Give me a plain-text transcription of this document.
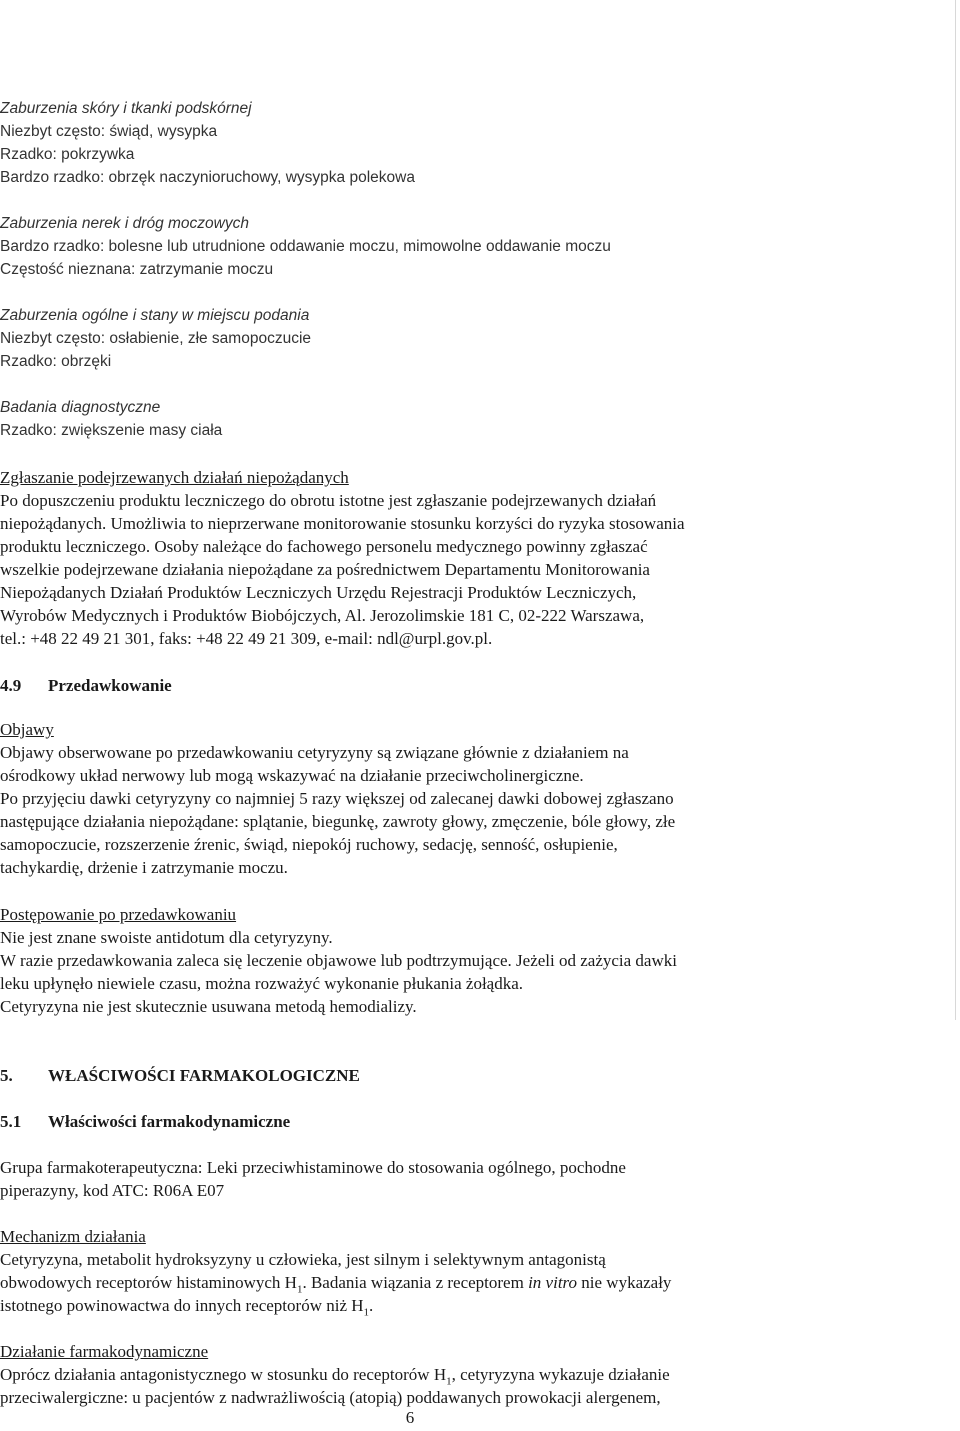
Zaburzenia skóry i tkanki podskórnej
Niezbyt często: świąd, wysypka
Rzadko: pokrzywka
Bardzo rzadko: obrzęk naczynioruchowy, wysypka polekowa
Zaburzenia nerek i dróg moczowych
Bardzo rzadko: bolesne lub utrudnione oddawanie moczu, mimowolne oddawanie moczu
Częstość nieznana: zatrzymanie moczu
Zaburzenia ogólne i stany w miejscu podania
Niezbyt często: osłabienie, złe samopoczucie
Rzadko: obrzęki
Badania diagnostyczne
Rzadko: zwiększenie masy ciała
Zgłaszanie podejrzewanych działań niepożądanych
Po dopuszczeniu produktu leczniczego do obrotu istotne jest zgłaszanie podejrzewanych działań
niepożądanych. Umożliwia to nieprzerwane monitorowanie stosunku korzyści do ryzyka stosowania
produktu leczniczego. Osoby należące do fachowego personelu medycznego powinny zgłaszać
wszelkie podejrzewane działania niepożądane za pośrednictwem Departamentu Monitorowania
Niepożądanych Działań Produktów Leczniczych Urzędu Rejestracji Produktów Leczniczych,
Wyrobów Medycznych i Produktów Biobójczych, Al. Jerozolimskie 181 C, 02-222 Warszawa,
tel.: +48 22 49 21 301, faks: +48 22 49 21 309, e-mail: ndl@urpl.gov.pl.
4.9 Przedawkowanie
Objawy
Objawy obserwowane po przedawkowaniu cetyryzyny są związane głównie z działaniem na
ośrodkowy układ nerwowy lub mogą wskazywać na działanie przeciwcholinergiczne.
Po przyjęciu dawki cetyryzyny co najmniej 5 razy większej od zalecanej dawki dobowej zgłaszano
następujące działania niepożądane: splątanie, biegunkę, zawroty głowy, zmęczenie, bóle głowy, złe
samopoczucie, rozszerzenie źrenic, świąd, niepokój ruchowy, sedację, senność, osłupienie,
tachykardię, drżenie i zatrzymanie moczu.
Postępowanie po przedawkowaniu
Nie jest znane swoiste antidotum dla cetyryzyny.
W razie przedawkowania zaleca się leczenie objawowe lub podtrzymujące. Jeżeli od zażycia dawki
leku upłynęło niewiele czasu, można rozważyć wykonanie płukania żołądka.
Cetyryzyna nie jest skutecznie usuwana metodą hemodializy.
5. WŁAŚCIWOŚCI FARMAKOLOGICZNE
5.1 Właściwości farmakodynamiczne
Grupa farmakoterapeutyczna: Leki przeciwhistaminowe do stosowania ogólnego, pochodne
piperazyny, kod ATC: R06A E07
Mechanizm działania
Cetyryzyna, metabolit hydroksyzyny u człowieka, jest silnym i selektywnym antagonistą
obwodowych receptorów histaminowych $H_1$. Badania wiązania z receptorem in vitro nie wykazały
istotnego powinowactwa do innych receptorów niż $H_1$.
Działanie farmakodynamiczne
Oprócz działania antagonistycznego w stosunku do receptorów $H_1$, cetyryzyna wykazuje działanie
przeciwalergiczne: u pacjentów z nadwrażliwością (atopią) poddawanych prowokacji alergenem,
6
